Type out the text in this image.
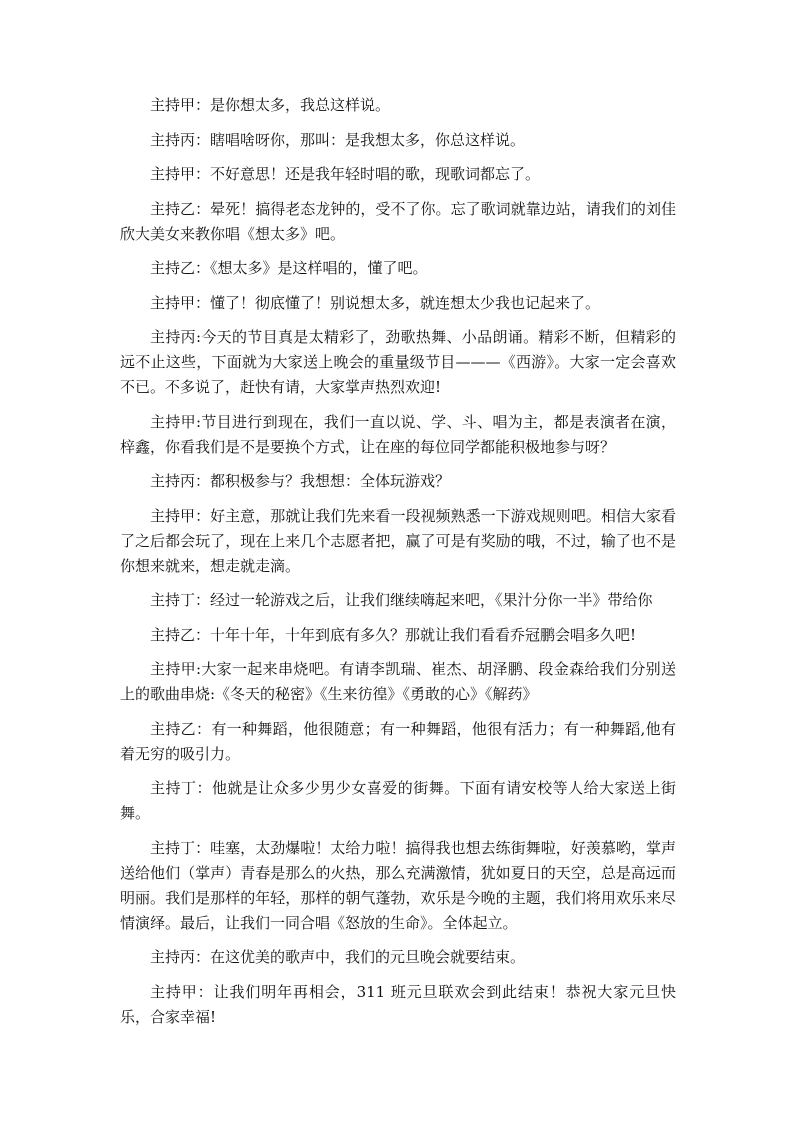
主持甲：是你想太多，我总这样说。

主持丙：瞎唱啥呀你，那叫：是我想太多，你总这样说。

主持甲：不好意思！还是我年轻时唱的歌，现歌词都忘了。

主持乙：晕死！搞得老态龙钟的，受不了你。忘了歌词就靠边站，请我们的刘佳欣大美女来教你唱《想太多》吧。

主持乙：《想太多》是这样唱的，懂了吧。

主持甲：懂了！彻底懂了！别说想太多，就连想太少我也记起来了。

主持丙:今天的节目真是太精彩了，劲歌热舞、小品朗诵。精彩不断，但精彩的远不止这些，下面就为大家送上晚会的重量级节目———《西游》。大家一定会喜欢不已。不多说了，赶快有请，大家掌声热烈欢迎!

主持甲:节目进行到现在，我们一直以说、学、斗、唱为主，都是表演者在演，梓鑫，你看我们是不是要换个方式，让在座的每位同学都能积极地参与呀？

主持丙：都积极参与？我想想：全体玩游戏？

主持甲：好主意，那就让我们先来看一段视频熟悉一下游戏规则吧。相信大家看了之后都会玩了，现在上来几个志愿者把，赢了可是有奖励的哦，不过，输了也不是你想来就来，想走就走滴。

主持丁：经过一轮游戏之后，让我们继续嗨起来吧，《果汁分你一半》带给你

主持乙：十年十年，十年到底有多久？那就让我们看看乔冠鹏会唱多久吧!

主持甲:大家一起来串烧吧。有请李凯瑞、崔杰、胡泽鹏、段金森给我们分别送上的歌曲串烧:《冬天的秘密》《生来彷徨》《勇敢的心》《解药》

主持乙：有一种舞蹈，他很随意；有一种舞蹈，他很有活力；有一种舞蹈,他有着无穷的吸引力。

主持丁：他就是让众多少男少女喜爱的街舞。下面有请安校等人给大家送上街舞。

主持丁：哇塞，太劲爆啦！太给力啦！搞得我也想去练街舞啦，好羡慕哟，掌声送给他们（掌声）青春是那么的火热，那么充满激情，犹如夏日的天空，总是高远而明丽。我们是那样的年轻，那样的朝气蓬勃，欢乐是今晚的主题，我们将用欢乐来尽情演绎。最后，让我们一同合唱《怒放的生命》。全体起立。

主持丙：在这优美的歌声中，我们的元旦晚会就要结束。

主持甲：让我们明年再相会，311 班元旦联欢会到此结束！恭祝大家元旦快乐，合家幸福!
